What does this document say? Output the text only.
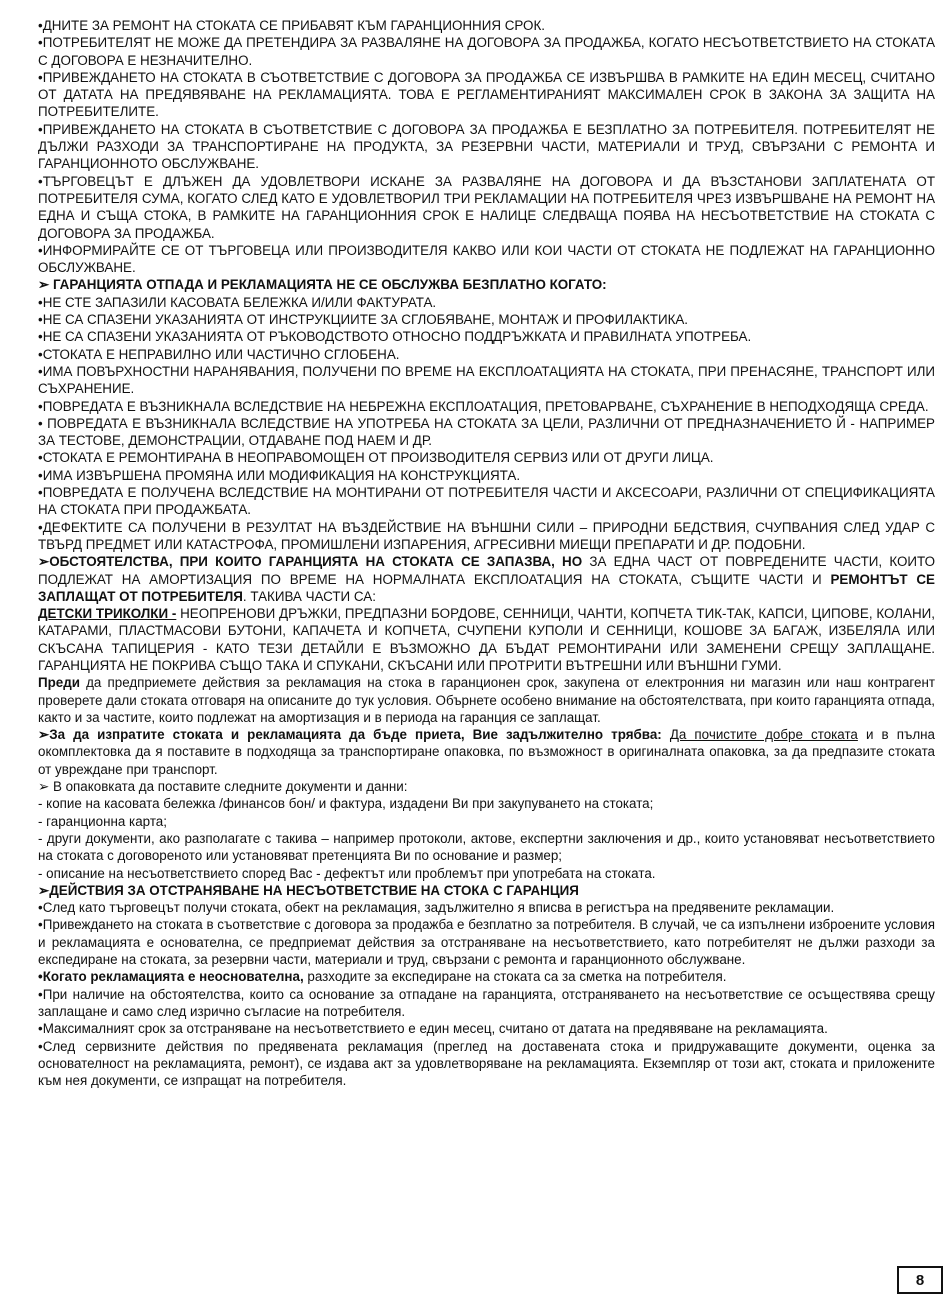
•ДНИТЕ ЗА РЕМОНТ НА СТОКАТА СЕ ПРИБАВЯТ КЪМ ГАРАНЦИОННИЯ СРОК.

•ПОТРЕБИТЕЛЯТ НЕ МОЖЕ ДА ПРЕТЕНДИРА ЗА РАЗВАЛЯНЕ НА ДОГОВОРА ЗА ПРОДАЖБА, КОГАТО НЕСЪОТВЕТСТВИЕТО НА СТОКАТА С ДОГОВОРА Е НЕЗНАЧИТЕЛНО.

•ПРИВЕЖДАНЕТО НА СТОКАТА В СЪОТВЕТСТВИЕ С ДОГОВОРА ЗА ПРОДАЖБА СЕ ИЗВЪРШВА В РАМКИТЕ НА ЕДИН МЕСЕЦ, СЧИТАНО ОТ ДАТАТА НА ПРЕДЯВЯВАНЕ НА РЕКЛАМАЦИЯТА. ТОВА Е РЕГЛАМЕНТИРАНИЯТ МАКСИМАЛЕН СРОК В ЗАКОНА ЗА ЗАЩИТА НА ПОТРЕБИТЕЛИТЕ.

•ПРИВЕЖДАНЕТО НА СТОКАТА В СЪОТВЕТСТВИЕ С ДОГОВОРА ЗА ПРОДАЖБА Е БЕЗПЛАТНО ЗА ПОТРЕБИТЕЛЯ. ПОТРЕБИТЕЛЯТ НЕ ДЪЛЖИ РАЗХОДИ ЗА ТРАНСПОРТИРАНЕ НА ПРОДУКТА, ЗА РЕЗЕРВНИ ЧАСТИ, МАТЕРИАЛИ И ТРУД, СВЪРЗАНИ С РЕМОНТА И ГАРАНЦИОННОТО ОБСЛУЖВАНЕ.

•ТЪРГОВЕЦЪТ Е ДЛЪЖЕН ДА УДОВЛЕТВОРИ ИСКАНЕ ЗА РАЗВАЛЯНЕ НА ДОГОВОРА И ДА ВЪЗСТАНОВИ ЗАПЛАТЕНАТА ОТ ПОТРЕБИТЕЛЯ СУМА, КОГАТО СЛЕД КАТО Е УДОВЛЕТВОРИЛ ТРИ РЕКЛАМАЦИИ НА ПОТРЕБИТЕЛЯ ЧРЕЗ ИЗВЪРШВАНЕ НА РЕМОНТ НА ЕДНА И СЪЩА СТОКА, В РАМКИТЕ НА ГАРАНЦИОННИЯ СРОК Е НАЛИЦЕ СЛЕДВАЩА ПОЯВА НА НЕСЪОТВЕТСТВИЕ НА СТОКАТА С ДОГОВОРА ЗА ПРОДАЖБА.

•ИНФОРМИРАЙТЕ СЕ ОТ ТЪРГОВЕЦА ИЛИ ПРОИЗВОДИТЕЛЯ КАКВО ИЛИ КОИ ЧАСТИ ОТ СТОКАТА НЕ ПОДЛЕЖАТ НА ГАРАНЦИОННО ОБСЛУЖВАНЕ.

➢ ГАРАНЦИЯТА ОТПАДА И РЕКЛАМАЦИЯТА НЕ СЕ ОБСЛУЖВА БЕЗПЛАТНО КОГАТО:

•НЕ СТЕ ЗАПАЗИЛИ КАСОВАТА БЕЛЕЖКА И/ИЛИ ФАКТУРАТА.

•НЕ СА СПАЗЕНИ УКАЗАНИЯТА ОТ ИНСТРУКЦИИТЕ ЗА СГЛОБЯВАНЕ, МОНТАЖ И ПРОФИЛАКТИКА.

•НЕ СА СПАЗЕНИ УКАЗАНИЯТА ОТ РЪКОВОДСТВОТО ОТНОСНО ПОДДРЪЖКАТА И ПРАВИЛНАТА УПОТРЕБА.

•СТОКАТА Е НЕПРАВИЛНО ИЛИ ЧАСТИЧНО СГЛОБЕНА.

•ИМА ПОВЪРХНОСТНИ НАРАНЯВАНИЯ, ПОЛУЧЕНИ ПО ВРЕМЕ НА ЕКСПЛОАТАЦИЯТА НА СТОКАТА, ПРИ ПРЕНАСЯНЕ, ТРАНСПОРТ ИЛИ СЪХРАНЕНИЕ.

•ПОВРЕДАТА Е ВЪЗНИКНАЛА ВСЛЕДСТВИЕ НА НЕБРЕЖНА ЕКСПЛОАТАЦИЯ, ПРЕТОВАРВАНЕ, СЪХРАНЕНИЕ В НЕПОДХОДЯЩА СРЕДА.

• ПОВРЕДАТА Е ВЪЗНИКНАЛА ВСЛЕДСТВИЕ НА УПОТРЕБА НА СТОКАТА ЗА ЦЕЛИ, РАЗЛИЧНИ ОТ ПРЕДНАЗНАЧЕНИЕТО Й - НАПРИМЕР ЗА ТЕСТОВЕ, ДЕМОНСТРАЦИИ, ОТДАВАНЕ ПОД НАЕМ И ДР.

•СТОКАТА Е РЕМОНТИРАНА В НЕОПРАВОМОЩЕН ОТ ПРОИЗВОДИТЕЛЯ СЕРВИЗ ИЛИ ОТ ДРУГИ ЛИЦА.

•ИМА ИЗВЪРШЕНА ПРОМЯНА ИЛИ МОДИФИКАЦИЯ НА КОНСТРУКЦИЯТА.

•ПОВРЕДАТА Е ПОЛУЧЕНА ВСЛЕДСТВИЕ НА МОНТИРАНИ ОТ ПОТРЕБИТЕЛЯ ЧАСТИ И АКСЕСОАРИ, РАЗЛИЧНИ ОТ СПЕЦИФИКАЦИЯТА НА СТОКАТА ПРИ ПРОДАЖБАТА.

•ДЕФЕКТИТЕ СА ПОЛУЧЕНИ В РЕЗУЛТАТ НА ВЪЗДЕЙСТВИЕ НА ВЪНШНИ СИЛИ – ПРИРОДНИ БЕДСТВИЯ, СЧУПВАНИЯ СЛЕД УДАР С ТВЪРД ПРЕДМЕТ ИЛИ КАТАСТРОФА, ПРОМИШЛЕНИ ИЗПАРЕНИЯ, АГРЕСИВНИ МИЕЩИ ПРЕПАРАТИ И ДР. ПОДОБНИ.

➢ОБСТОЯТЕЛСТВА, ПРИ КОИТО ГАРАНЦИЯТА НА СТОКАТА СЕ ЗАПАЗВА, НО ЗА ЕДНА ЧАСТ ОТ ПОВРЕДЕНИТЕ ЧАСТИ, КОИТО ПОДЛЕЖАТ НА АМОРТИЗАЦИЯ ПО ВРЕМЕ НА НОРМАЛНАТА ЕКСПЛОАТАЦИЯ НА СТОКАТА, СЪЩИТЕ ЧАСТИ И РЕМОНТЪТ СЕ ЗАПЛАЩАТ ОТ ПОТРЕБИТЕЛЯ. ТАКИВА ЧАСТИ СА:

ДЕТСКИ ТРИКОЛКИ - НЕОПРЕНОВИ ДРЪЖКИ, ПРЕДПАЗНИ БОРДОВЕ, СЕННИЦИ, ЧАНТИ, КОПЧЕТА ТИК-ТАК, КАПСИ, ЦИПОВЕ, КОЛАНИ, КАТАРАМИ, ПЛАСТМАСОВИ БУТОНИ, КАПАЧЕТА И КОПЧЕТА, СЧУПЕНИ КУПОЛИ И СЕННИЦИ, КОШОВЕ ЗА БАГАЖ, ИЗБЕЛЯЛА ИЛИ СКЪСАНА ТАПИЦЕРИЯ - КАТО ТЕЗИ ДЕТАЙЛИ Е ВЪЗМОЖНО ДА БЪДАТ РЕМОНТИРАНИ ИЛИ ЗАМЕНЕНИ СРЕЩУ ЗАПЛАЩАНЕ. ГАРАНЦИЯТА НЕ ПОКРИВА СЪЩО ТАКА И СПУКАНИ, СКЪСАНИ ИЛИ ПРОТРИТИ ВЪТРЕШНИ ИЛИ ВЪНШНИ ГУМИ.

Преди да предприемете действия за рекламация на стока в гаранционен срок, закупена от електронния ни магазин или наш контрагент проверете дали стоката отговаря на описаните до тук условия. Обърнете особено внимание на обстоятелствата, при които гаранцията отпада, както и за частите, които подлежат на амортизация и в периода на гаранция се заплащат.

➢За да изпратите стоката и рекламацията да бъде приета, Вие задължително трябва: Да почистите добре стоката и в пълна окомплектовка да я поставите в подходяща за транспортиране опаковка, по възможност в оригиналната опаковка, за да предпазите стоката от увреждане при транспорт.

➢ В опаковката да поставите следните документи и данни:

- копие на касовата бележка /финансов бон/ и фактура, издадени Ви при закупуването на стоката;

- гаранционна карта;

- други документи, ако разполагате с такива – например протоколи, актове, експертни заключения и др., които установяват несъответствието на стоката с договореното или установяват претенцията Ви по основание и размер;

- описание на несъответствието според Вас - дефектът или проблемът при употребата на стоката.

➢ДЕЙСТВИЯ ЗА ОТСТРАНЯВАНЕ НА НЕСЪОТВЕТСТВИЕ НА СТОКА С ГАРАНЦИЯ

•След като търговецът получи стоката, обект на рекламация, задължително я вписва в регистъра на предявените рекламации.

•Привеждането на стоката в съответствие с договора за продажба е безплатно за потребителя. В случай, че са изпълнени изброените условия и рекламацията е основателна, се предприемат действия за отстраняване на несъответствието, като потребителят не дължи разходи за експедиране на стоката, за резервни части, материали и труд, свързани с ремонта и гаранционното обслужване.

•Когато рекламацията е неоснователна, разходите за експедиране на стоката са за сметка на потребителя.

•При наличие на обстоятелства, които са основание за отпадане на гаранцията, отстраняването на несъответствие се осъществява срещу заплащане и само след изрично съгласие на потребителя.

•Максималният срок за отстраняване на несъответствието е един месец, считано от датата на предявяване на рекламацията.

•След сервизните действия по предявената рекламация (преглед на доставената стока и придружаващите документи, оценка за основателност на рекламацията, ремонт), се издава акт за удовлетворяване на рекламацията. Екземпляр от този акт, стоката и приложените към нея документи, се изпращат на потребителя.

8
